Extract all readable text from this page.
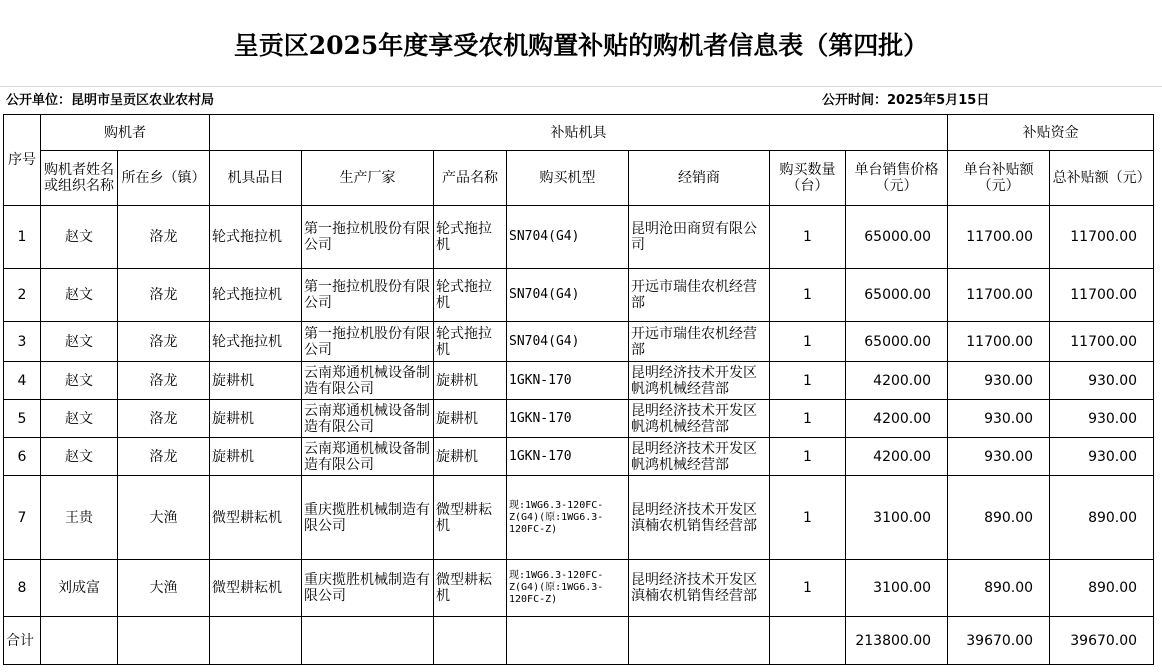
呈贡区2025年度享受农机购置补贴的购机者信息表（第四批）
公开单位：昆明市呈贡区农业农村局	公开时间：2025年5月15日
序号	购机者		补贴机具							补贴资金	
	购机者姓名或组织名称	所在乡（镇）	机具品目	生产厂家	产品名称	购买机型	经销商	购买数量（台）	单台销售价格（元）	单台补贴额（元）	总补贴额（元）
1	赵文	洛龙	轮式拖拉机	第一拖拉机股份有限公司	轮式拖拉机	SN704(G4)	昆明沧田商贸有限公司	1	65000.00	11700.00	11700.00
2	赵文	洛龙	轮式拖拉机	第一拖拉机股份有限公司	轮式拖拉机	SN704(G4)	开远市瑞佳农机经营部	1	65000.00	11700.00	11700.00
3	赵文	洛龙	轮式拖拉机	第一拖拉机股份有限公司	轮式拖拉机	SN704(G4)	开远市瑞佳农机经营部	1	65000.00	11700.00	11700.00
4	赵文	洛龙	旋耕机	云南郑通机械设备制造有限公司	旋耕机	1GKN-170	昆明经济技术开发区帆鸿机械经营部	1	4200.00	930.00	930.00
5	赵文	洛龙	旋耕机	云南郑通机械设备制造有限公司	旋耕机	1GKN-170	昆明经济技术开发区帆鸿机械经营部	1	4200.00	930.00	930.00
6	赵文	洛龙	旋耕机	云南郑通机械设备制造有限公司	旋耕机	1GKN-170	昆明经济技术开发区帆鸿机械经营部	1	4200.00	930.00	930.00
7	王贵	大渔	微型耕耘机	重庆揽胜机械制造有限公司	微型耕耘机	现:1WG6.3-120FC-Z(G4)(原:1WG6.3-120FC-Z)	昆明经济技术开发区滇楠农机销售经营部	1	3100.00	890.00	890.00
8	刘成富	大渔	微型耕耘机	重庆揽胜机械制造有限公司	微型耕耘机	现:1WG6.3-120FC-Z(G4)(原:1WG6.3-120FC-Z)	昆明经济技术开发区滇楠农机销售经营部	1	3100.00	890.00	890.00
合计									213800.00	39670.00	39670.00
